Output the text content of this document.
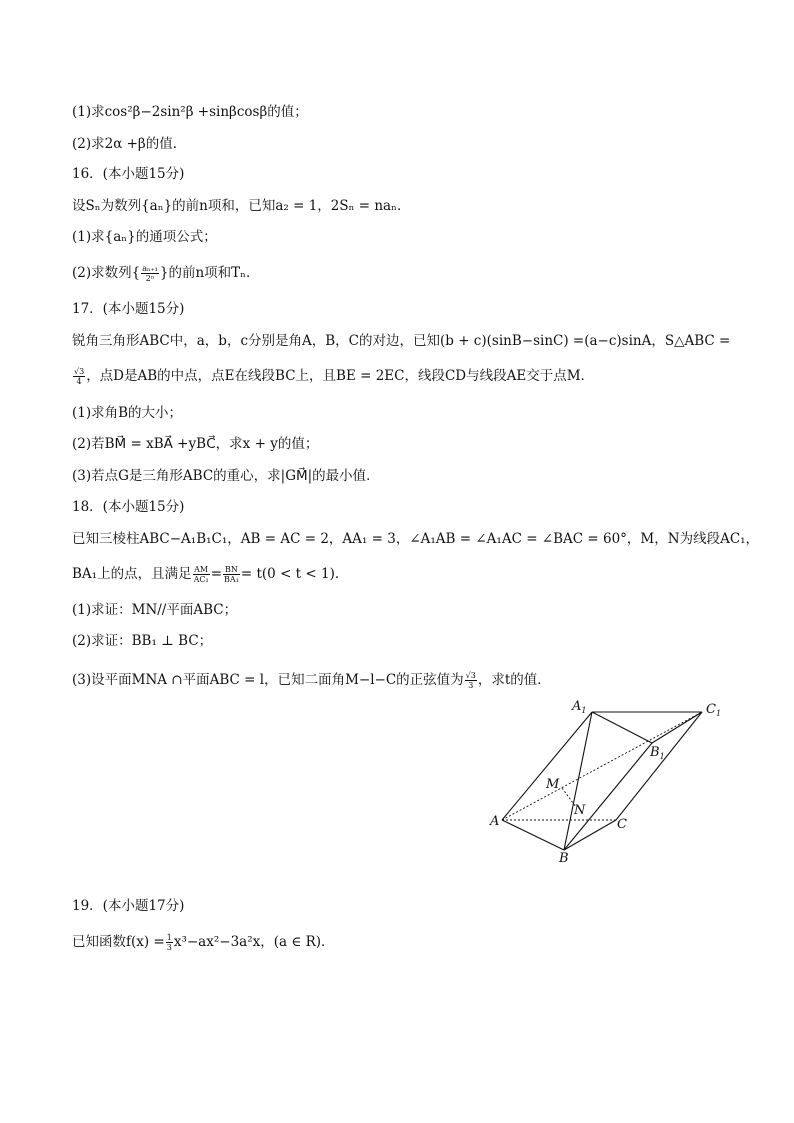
(1)求cos²β−2sin²β +sinβcosβ的值；
(2)求2α +β的值．
16．(本小题15分)
设Sₙ为数列{aₙ}的前n项和，已知a₂ = 1，2Sₙ = naₙ．
(1)求{aₙ}的通项公式；
(2)求数列{ $\frac{\text{aₙ₊₁}}{\text{2ⁿ}}$ }的前n项和Tₙ．
17．(本小题15分)
锐角三角形ABC中，a，b，c分别是角A，B，C的对边，已知(b + c)(sinB−sinC) =(a−c)sinA，S△ABC =
$\frac{√3}{4}$ ，点D是AB的中点，点E在线段BC上，且BE = 2EC，线段CD与线段AE交于点M．
(1)求角B的大小；
(2)若BM⃗ = xBA⃗ +yBC⃗，求x + y的值；
(3)若点G是三角形ABC的重心，求|GM⃗|的最小值．
18．(本小题15分)
已知三棱柱ABC−A₁B₁C₁，AB = AC = 2，AA₁ = 3，∠A₁AB = ∠A₁AC = ∠BAC = 60°，M，N为线段AC₁，
BA₁上的点，且满足 $\frac{AM}{\text{AC₁}} = \frac{BN}{\text{BA₁}} = t(0 < t < 1)$．
(1)求证：MN//平面ABC；
(2)求证：BB₁ ⊥ BC；
(3)设平面MNA ∩平面ABC = l，已知二面角M−l−C的正弦值为 $\frac{√3}{3}$ ，求t的值．
$A_1$	$C_1$
$B_1$
M
N
A	C
B
19．(本小题17分)
已知函数$f(x) = \frac{1}{3} x^3-ax^2-3a^2x$，(a ∈ R)．
